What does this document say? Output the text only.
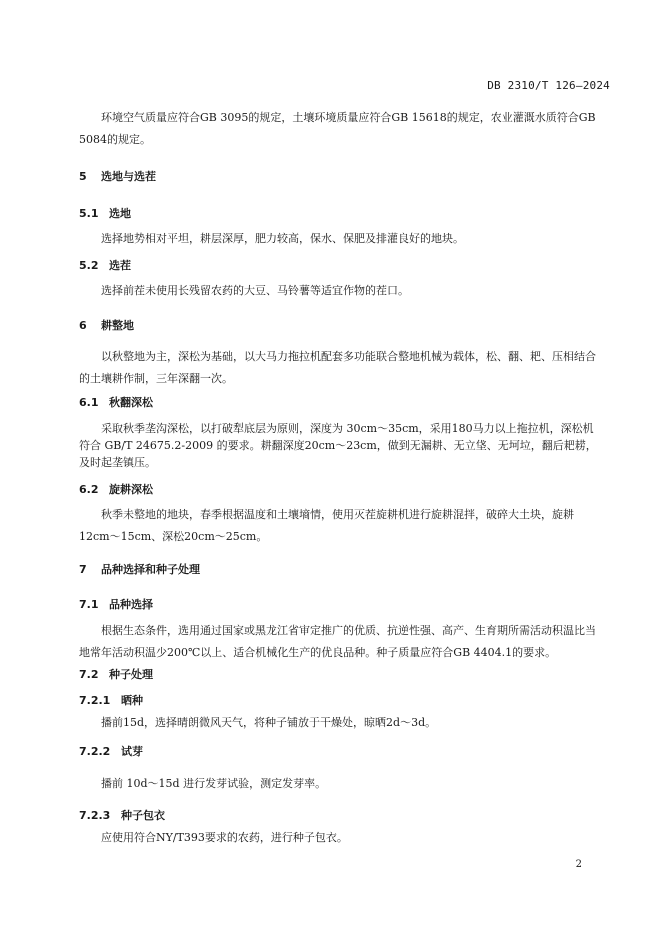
DB 2310/T 126—2024

环境空气质量应符合GB 3095的规定，土壤环境质量应符合GB 15618的规定，农业灌溉水质符合GB 5084的规定。

5 选地与选茬
5.1 选地

选择地势相对平坦，耕层深厚，肥力较高，保水、保肥及排灌良好的地块。

5.2 选茬

选择前茬未使用长残留农药的大豆、马铃薯等适宜作物的茬口。

6 耕整地

以秋整地为主，深松为基础，以大马力拖拉机配套多功能联合整地机械为载体，松、翻、耙、压相结合的土壤耕作制，三年深翻一次。

6.1 秋翻深松

采取秋季垄沟深松，以打破犁底层为原则，深度为 30cm～35cm，采用180马力以上拖拉机，深松机符合 GB/T 24675.2-2009 的要求。耕翻深度20cm～23cm，做到无漏耕、无立垡、无坷垃，翻后耙耢，及时起垄镇压。

6.2 旋耕深松

秋季未整地的地块，春季根据温度和土壤墒情，使用灭茬旋耕机进行旋耕混拌，破碎大土块，旋耕12cm～15cm、深松20cm～25cm。

7 品种选择和种子处理
7.1 品种选择

根据生态条件，选用通过国家或黑龙江省审定推广的优质、抗逆性强、高产、生育期所需活动积温比当地常年活动积温少200℃以上、适合机械化生产的优良品种。种子质量应符合GB 4404.1的要求。

7.2 种子处理
7.2.1 晒种

播前15d，选择晴朗微风天气，将种子铺放于干燥处，晾晒2d～3d。

7.2.2 试芽

播前 10d～15d 进行发芽试验，测定发芽率。

7.2.3 种子包衣

应使用符合NY/T393要求的农药，进行种子包衣。

2
